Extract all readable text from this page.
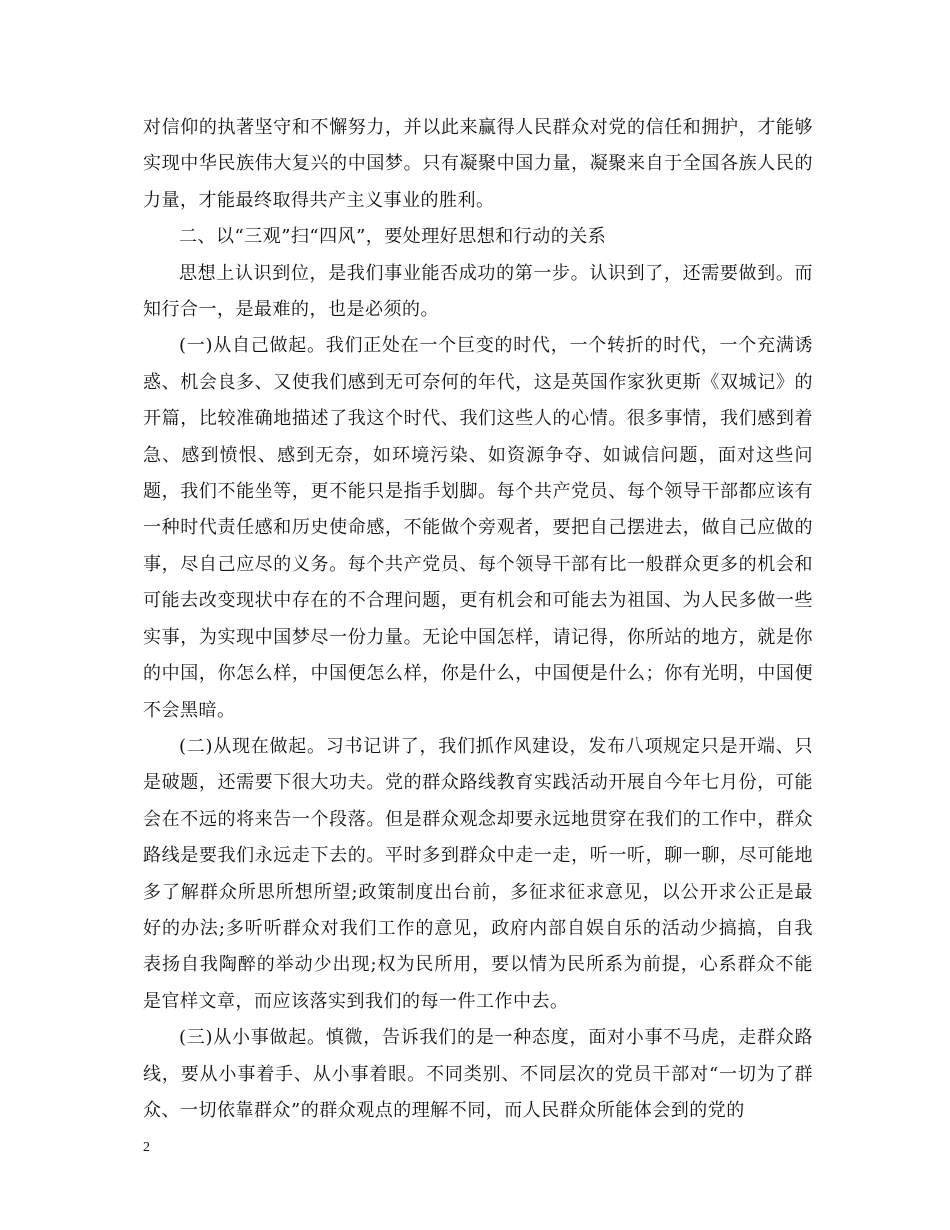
对信仰的执著坚守和不懈努力，并以此来赢得人民群众对党的信任和拥护，才能够实现中华民族伟大复兴的中国梦。只有凝聚中国力量，凝聚来自于全国各族人民的力量，才能最终取得共产主义事业的胜利。

二、以“三观”扫“四风”，要处理好思想和行动的关系

思想上认识到位，是我们事业能否成功的第一步。认识到了，还需要做到。而知行合一，是最难的，也是必须的。

(一)从自己做起。我们正处在一个巨变的时代，一个转折的时代，一个充满诱惑、机会良多、又使我们感到无可奈何的年代，这是英国作家狄更斯《双城记》的开篇，比较准确地描述了我这个时代、我们这些人的心情。很多事情，我们感到着急、感到愤恨、感到无奈，如环境污染、如资源争夺、如诚信问题，面对这些问题，我们不能坐等，更不能只是指手划脚。每个共产党员、每个领导干部都应该有一种时代责任感和历史使命感，不能做个旁观者，要把自己摆进去，做自己应做的事，尽自己应尽的义务。每个共产党员、每个领导干部有比一般群众更多的机会和可能去改变现状中存在的不合理问题，更有机会和可能去为祖国、为人民多做一些实事，为实现中国梦尽一份力量。无论中国怎样，请记得，你所站的地方，就是你的中国，你怎么样，中国便怎么样，你是什么，中国便是什么；你有光明，中国便不会黑暗。

(二)从现在做起。习书记讲了，我们抓作风建设，发布八项规定只是开端、只是破题，还需要下很大功夫。党的群众路线教育实践活动开展自今年七月份，可能会在不远的将来告一个段落。但是群众观念却要永远地贯穿在我们的工作中，群众路线是要我们永远走下去的。平时多到群众中走一走，听一听，聊一聊，尽可能地多了解群众所思所想所望;政策制度出台前，多征求征求意见，以公开求公正是最好的办法;多听听群众对我们工作的意见，政府内部自娱自乐的活动少搞搞，自我表扬自我陶醉的举动少出现;权为民所用，要以情为民所系为前提，心系群众不能是官样文章，而应该落实到我们的每一件工作中去。

(三)从小事做起。慎微，告诉我们的是一种态度，面对小事不马虎，走群众路线，要从小事着手、从小事着眼。不同类别、不同层次的党员干部对“一切为了群众、一切依靠群众”的群众观点的理解不同，而人民群众所能体会到的党的

2
